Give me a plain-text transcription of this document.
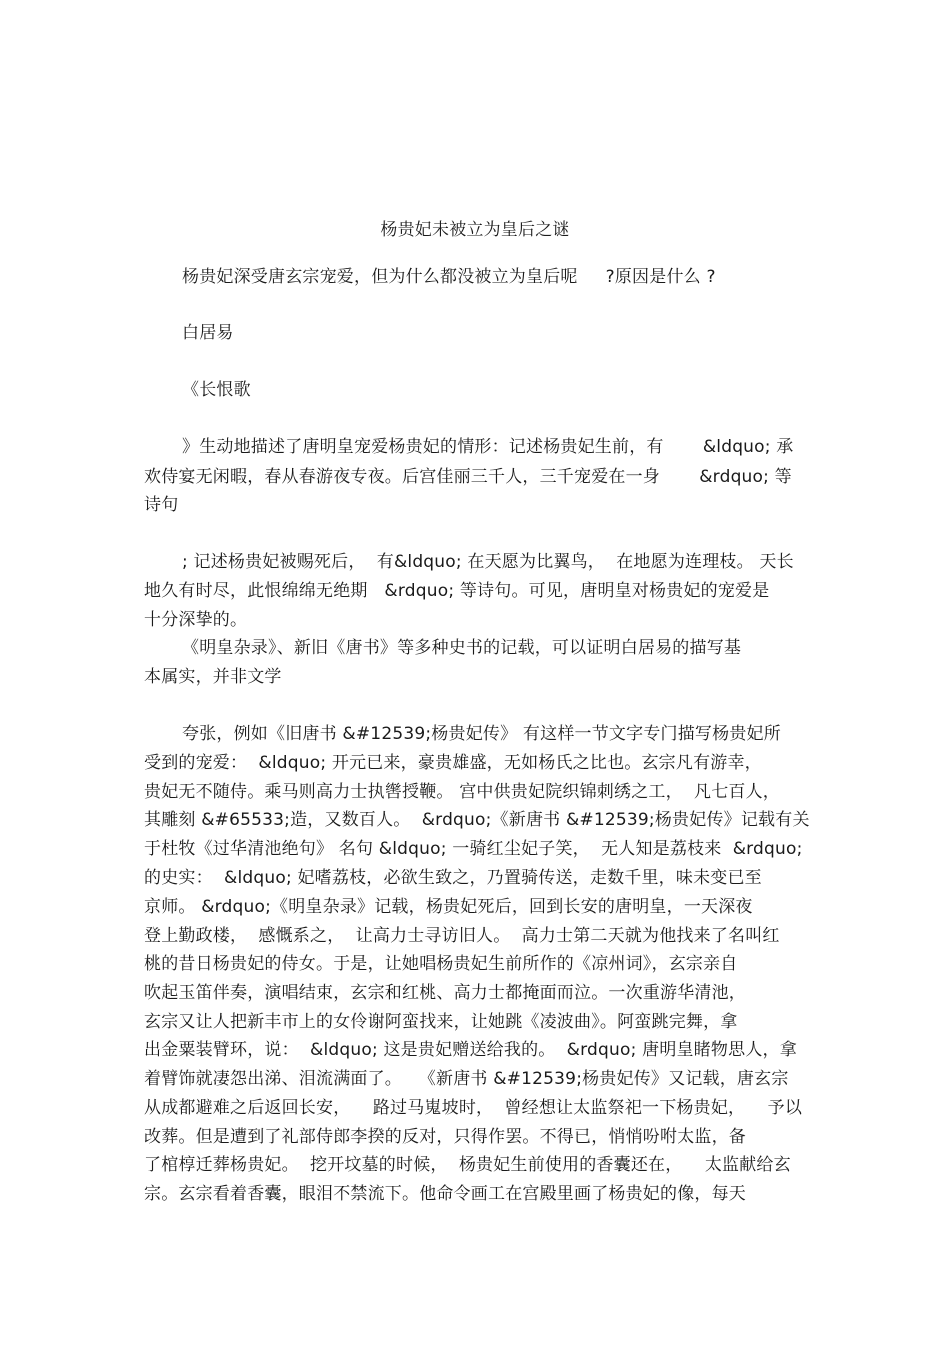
杨贵妃未被立为皇后之谜
杨贵妃深受唐玄宗宠爱，但为什么都没被立为皇后呢     ?原因是什么 ?
白居易
《长恨歌
》生动地描述了唐明皇宠爱杨贵妃的情形：记述杨贵妃生前，有       &ldquo; 承
欢侍宴无闲暇，春从春游夜专夜。后宫佳丽三千人，三千宠爱在一身       &rdquo; 等
诗句
; 记述杨贵妃被赐死后，  有&ldquo; 在天愿为比翼鸟，  在地愿为连理枝。 天长
地久有时尽，此恨绵绵无绝期   &rdquo; 等诗句。可见，唐明皇对杨贵妃的宠爱是
十分深挚的。
《明皇杂录》、新旧《唐书》等多种史书的记载，可以证明白居易的描写基
本属实，并非文学
夸张，例如《旧唐书 &#12539;杨贵妃传》 有这样一节文字专门描写杨贵妃所
受到的宠爱：  &ldquo; 开元已来，豪贵雄盛，无如杨氏之比也。玄宗凡有游幸，
贵妃无不随侍。乘马则高力士执辔授鞭。 宫中供贵妃院织锦刺绣之工，  凡七百人，
其雕刻 &#65533;造，又数百人。  &rdquo;《新唐书 &#12539;杨贵妃传》记载有关
于杜牧《过华清池绝句》 名句 &ldquo; 一骑红尘妃子笑，  无人知是荔枝来  &rdquo;
的史实：  &ldquo; 妃嗜荔枝，必欲生致之，乃置骑传送，走数千里，味未变已至
京师。 &rdquo;《明皇杂录》记载，杨贵妃死后，回到长安的唐明皇，一天深夜
登上勤政楼，  感慨系之，  让高力士寻访旧人。  高力士第二天就为他找来了名叫红
桃的昔日杨贵妃的侍女。于是，让她唱杨贵妃生前所作的《凉州词》，玄宗亲自
吹起玉笛伴奏，演唱结束，玄宗和红桃、高力士都掩面而泣。一次重游华清池，
玄宗又让人把新丰市上的女伶谢阿蛮找来，让她跳《凌波曲》。阿蛮跳完舞，拿
出金粟装臂环，说：  &ldquo; 这是贵妃赠送给我的。  &rdquo; 唐明皇睹物思人，拿
着臂饰就凄怨出涕、泪流满面了。   《新唐书 &#12539;杨贵妃传》又记载，唐玄宗
从成都避难之后返回长安，    路过马嵬坡时，  曾经想让太监祭祀一下杨贵妃，    予以
改葬。但是遭到了礼部侍郎李揆的反对，只得作罢。不得已，悄悄吩咐太监，备
了棺椁迁葬杨贵妃。  挖开坟墓的时候，  杨贵妃生前使用的香囊还在，    太监献给玄
宗。玄宗看着香囊，眼泪不禁流下。他命令画工在宫殿里画了杨贵妃的像，每天
